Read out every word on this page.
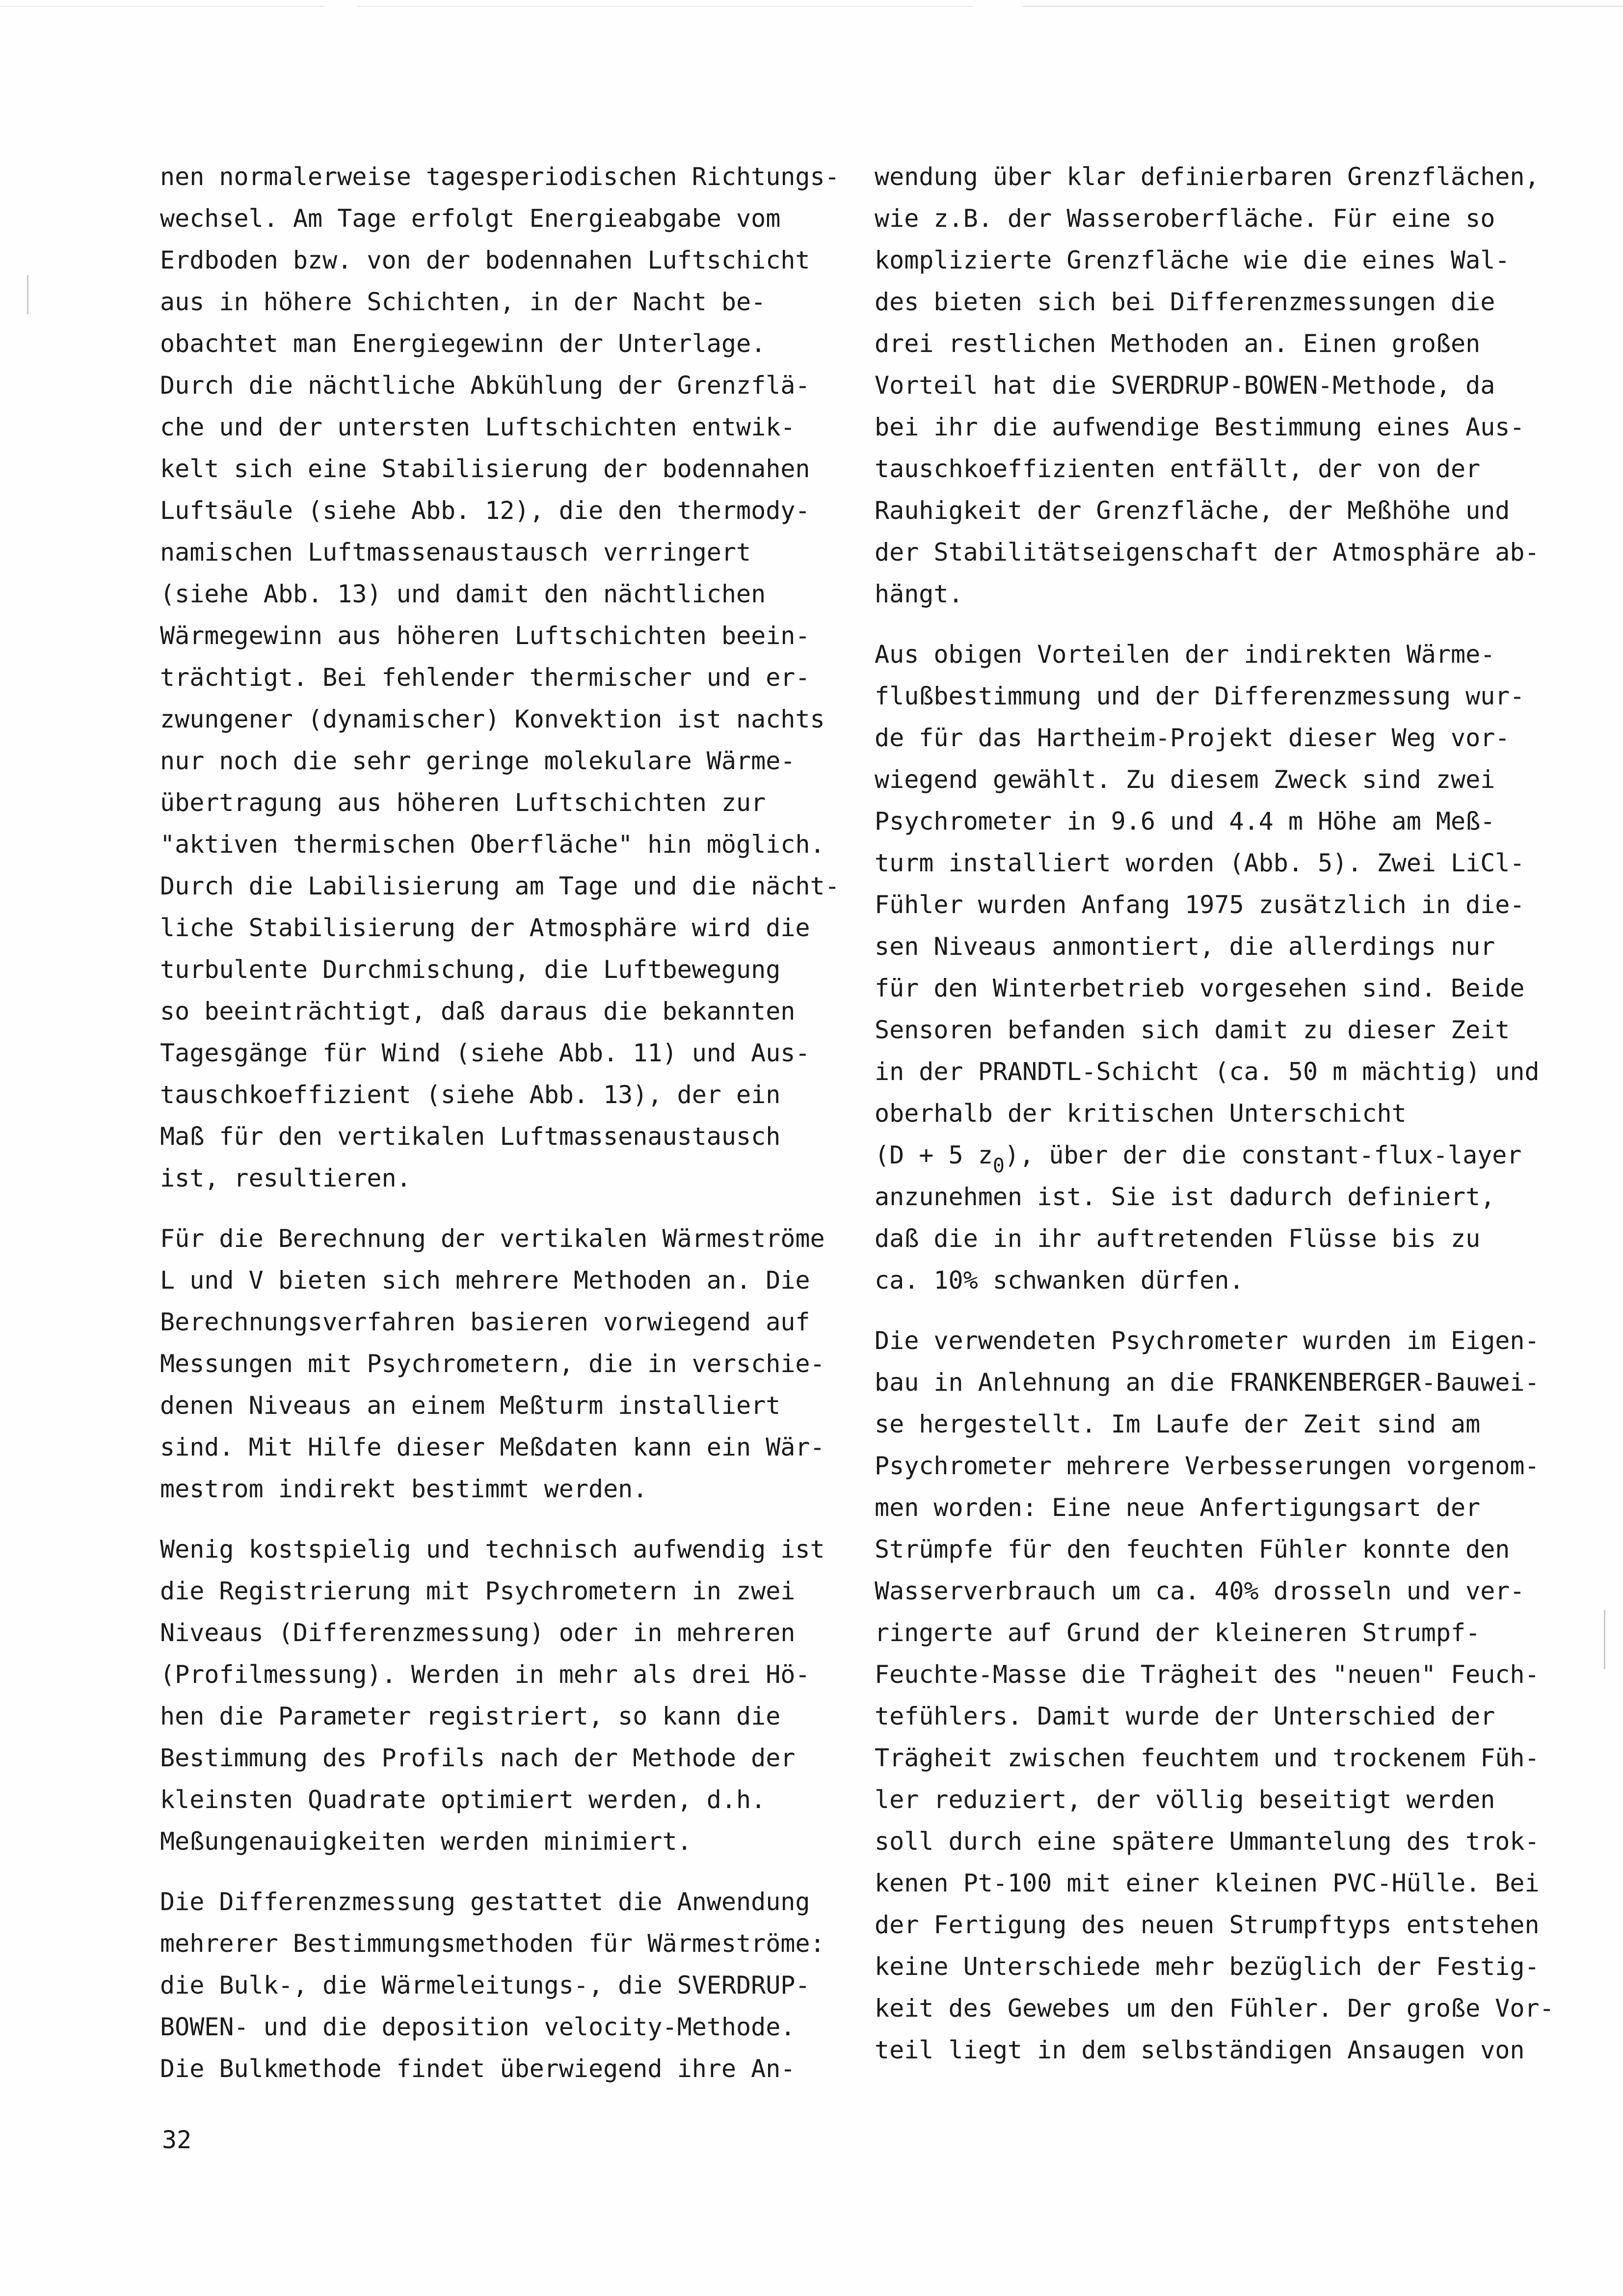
nen normalerweise tagesperiodischen Richtungs-
wechsel. Am Tage erfolgt Energieabgabe vom
Erdboden bzw. von der bodennahen Luftschicht
aus in höhere Schichten, in der Nacht be-
obachtet man Energiegewinn der Unterlage.
Durch die nächtliche Abkühlung der Grenzflä-
che und der untersten Luftschichten entwik-
kelt sich eine Stabilisierung der bodennahen
Luftsäule (siehe Abb. 12), die den thermody-
namischen Luftmassenaustausch verringert
(siehe Abb. 13) und damit den nächtlichen
Wärmegewinn aus höheren Luftschichten beein-
trächtigt. Bei fehlender thermischer und er-
zwungener (dynamischer) Konvektion ist nachts
nur noch die sehr geringe molekulare Wärme-
übertragung aus höheren Luftschichten zur
"aktiven thermischen Oberfläche" hin möglich.
Durch die Labilisierung am Tage und die nächt-
liche Stabilisierung der Atmosphäre wird die
turbulente Durchmischung, die Luftbewegung
so beeinträchtigt, daß daraus die bekannten
Tagesgänge für Wind (siehe Abb. 11) und Aus-
tauschkoeffizient (siehe Abb. 13), der ein
Maß für den vertikalen Luftmassenaustausch
ist, resultieren.
Für die Berechnung der vertikalen Wärmeströme
L und V bieten sich mehrere Methoden an. Die
Berechnungsverfahren basieren vorwiegend auf
Messungen mit Psychrometern, die in verschie-
denen Niveaus an einem Meßturm installiert
sind. Mit Hilfe dieser Meßdaten kann ein Wär-
mestrom indirekt bestimmt werden.
Wenig kostspielig und technisch aufwendig ist
die Registrierung mit Psychrometern in zwei
Niveaus (Differenzmessung) oder in mehreren
(Profilmessung). Werden in mehr als drei Hö-
hen die Parameter registriert, so kann die
Bestimmung des Profils nach der Methode der
kleinsten Quadrate optimiert werden, d.h.
Meßungenauigkeiten werden minimiert.
Die Differenzmessung gestattet die Anwendung
mehrerer Bestimmungsmethoden für Wärmeströme:
die Bulk-, die Wärmeleitungs-, die SVERDRUP-
BOWEN- und die deposition velocity-Methode.
Die Bulkmethode findet überwiegend ihre An-
wendung über klar definierbaren Grenzflächen,
wie z.B. der Wasseroberfläche. Für eine so
komplizierte Grenzfläche wie die eines Wal-
des bieten sich bei Differenzmessungen die
drei restlichen Methoden an. Einen großen
Vorteil hat die SVERDRUP-BOWEN-Methode, da
bei ihr die aufwendige Bestimmung eines Aus-
tauschkoeffizienten entfällt, der von der
Rauhigkeit der Grenzfläche, der Meßhöhe und
der Stabilitätseigenschaft der Atmosphäre ab-
hängt.
Aus obigen Vorteilen der indirekten Wärme-
flußbestimmung und der Differenzmessung wur-
de für das Hartheim-Projekt dieser Weg vor-
wiegend gewählt. Zu diesem Zweck sind zwei
Psychrometer in 9.6 und 4.4 m Höhe am Meß-
turm installiert worden (Abb. 5). Zwei LiCl-
Fühler wurden Anfang 1975 zusätzlich in die-
sen Niveaus anmontiert, die allerdings nur
für den Winterbetrieb vorgesehen sind. Beide
Sensoren befanden sich damit zu dieser Zeit
in der PRANDTL-Schicht (ca. 50 m mächtig) und
oberhalb der kritischen Unterschicht
(D + 5 $z_0$), über der die constant-flux-layer
anzunehmen ist. Sie ist dadurch definiert,
daß die in ihr auftretenden Flüsse bis zu
ca. 10% schwanken dürfen.
Die verwendeten Psychrometer wurden im Eigen-
bau in Anlehnung an die FRANKENBERGER-Bauwei-
se hergestellt. Im Laufe der Zeit sind am
Psychrometer mehrere Verbesserungen vorgenom-
men worden: Eine neue Anfertigungsart der
Strümpfe für den feuchten Fühler konnte den
Wasserverbrauch um ca. 40% drosseln und ver-
ringerte auf Grund der kleineren Strumpf-
Feuchte-Masse die Trägheit des "neuen" Feuch-
tefühlers. Damit wurde der Unterschied der
Trägheit zwischen feuchtem und trockenem Füh-
ler reduziert, der völlig beseitigt werden
soll durch eine spätere Ummantelung des trok-
kenen Pt-100 mit einer kleinen PVC-Hülle. Bei
der Fertigung des neuen Strumpftyps entstehen
keine Unterschiede mehr bezüglich der Festig-
keit des Gewebes um den Fühler. Der große Vor-
teil liegt in dem selbständigen Ansaugen von
32
